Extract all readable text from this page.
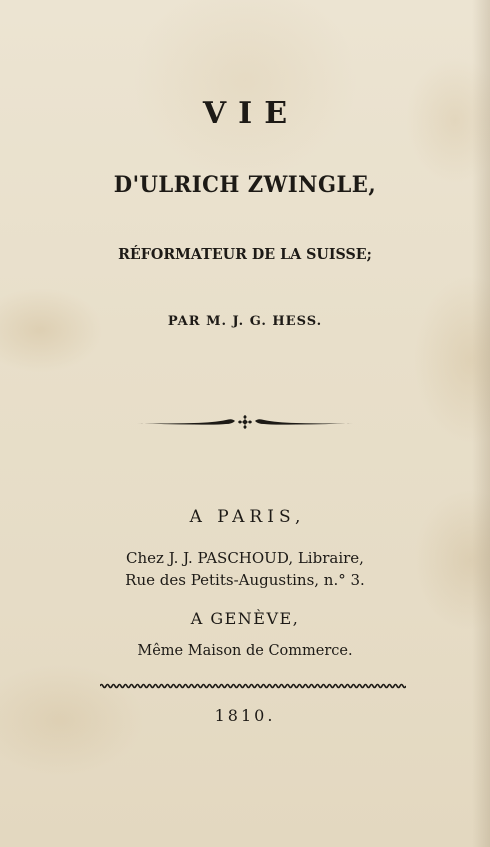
VIE
D'ULRICH ZWINGLE,
RÉFORMATEUR DE LA SUISSE;
PAR M. J. G. HESS.
A PARIS,
Chez J. J. PASCHOUD, Libraire,
Rue des Petits-Augustins, n.° 3.
A GENÈVE,
Même Maison de Commerce.
1810.
